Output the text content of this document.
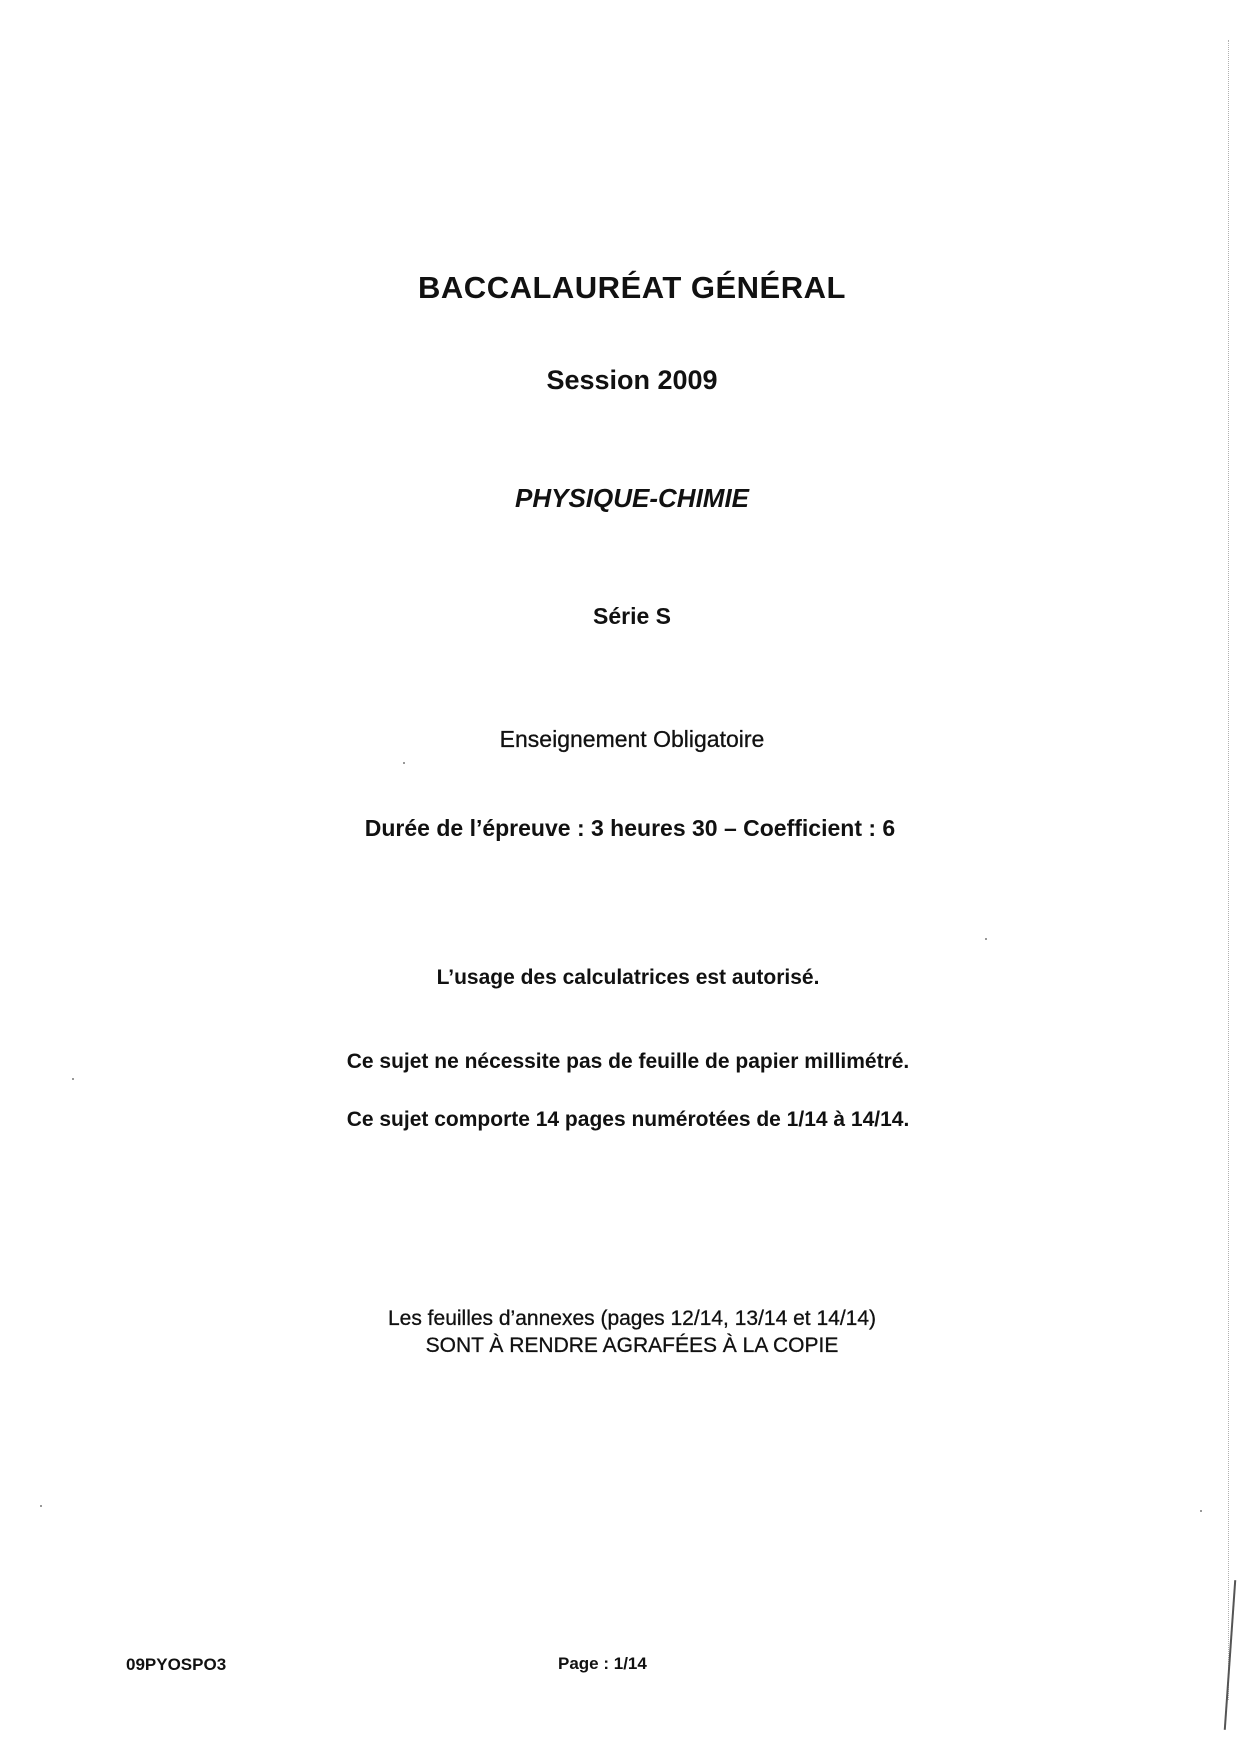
BACCALAURÉAT GÉNÉRAL
Session 2009
PHYSIQUE-CHIMIE
Série S
Enseignement Obligatoire
Durée de l’épreuve : 3 heures 30 – Coefficient : 6
L’usage des calculatrices est autorisé.
Ce sujet ne nécessite pas de feuille de papier millimétré.
Ce sujet comporte 14 pages numérotées de 1/14 à 14/14.
Les feuilles d’annexes (pages 12/14, 13/14 et 14/14)
SONT À RENDRE AGRAFÉES À LA COPIE
09PYOSPO3	Page : 1/14
